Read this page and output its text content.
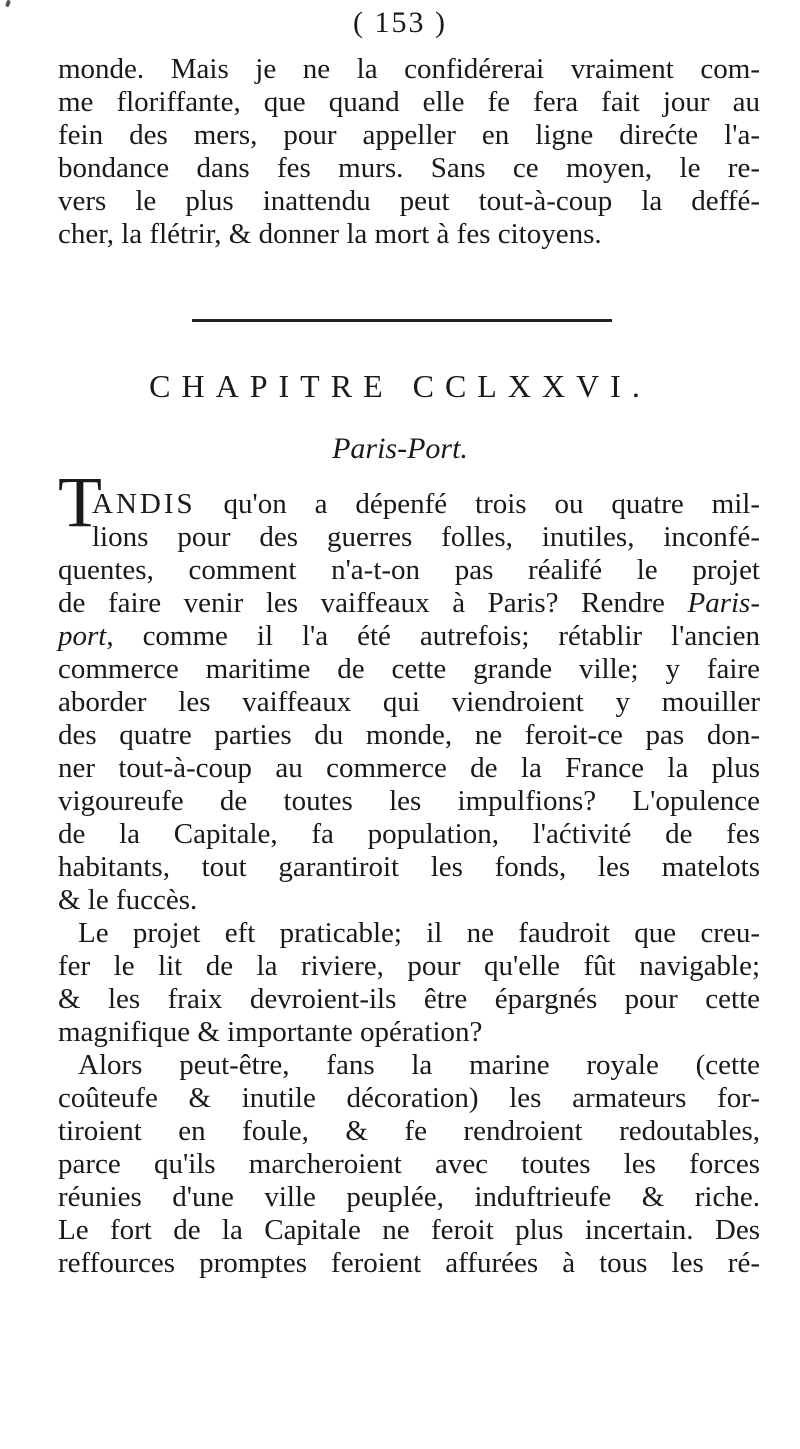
( 153 )
monde. Mais je ne la confidérerai vraiment com-
me floriffante, que quand elle fe fera fait jour au
fein des mers, pour appeller en ligne direćte l'a-
bondance dans fes murs. Sans ce moyen, le re-
vers le plus inattendu peut tout-à-coup la deffé-
cher, la flétrir, & donner la mort à fes citoyens.
CHAPITRE CCLXXVI.
Paris-Port.
T
ANDIS qu'on a dépenfé trois ou quatre mil-
lions pour des guerres folles, inutiles, inconfé-
quentes, comment n'a-t-on pas réalifé le projet
de faire venir les vaiffeaux à Paris? Rendre Paris-
port, comme il l'a été autrefois; rétablir l'ancien
commerce maritime de cette grande ville; y faire
aborder les vaiffeaux qui viendroient y mouiller
des quatre parties du monde, ne feroit-ce pas don-
ner tout-à-coup au commerce de la France la plus
vigoureufe de toutes les impulfions? L'opulence
de la Capitale, fa population, l'aćtivité de fes
habitants, tout garantiroit les fonds, les matelots
& le fuccès.
Le projet eft praticable; il ne faudroit que creu-
fer le lit de la riviere, pour qu'elle fût navigable;
& les fraix devroient-ils être épargnés pour cette
magnifique & importante opération?
Alors peut-être, fans la marine royale (cette
coûteufe & inutile décoration) les armateurs for-
tiroient en foule, & fe rendroient redoutables,
parce qu'ils marcheroient avec toutes les forces
réunies d'une ville peuplée, induftrieufe & riche.
Le fort de la Capitale ne feroit plus incertain. Des
reffources promptes feroient affurées à tous les ré-
